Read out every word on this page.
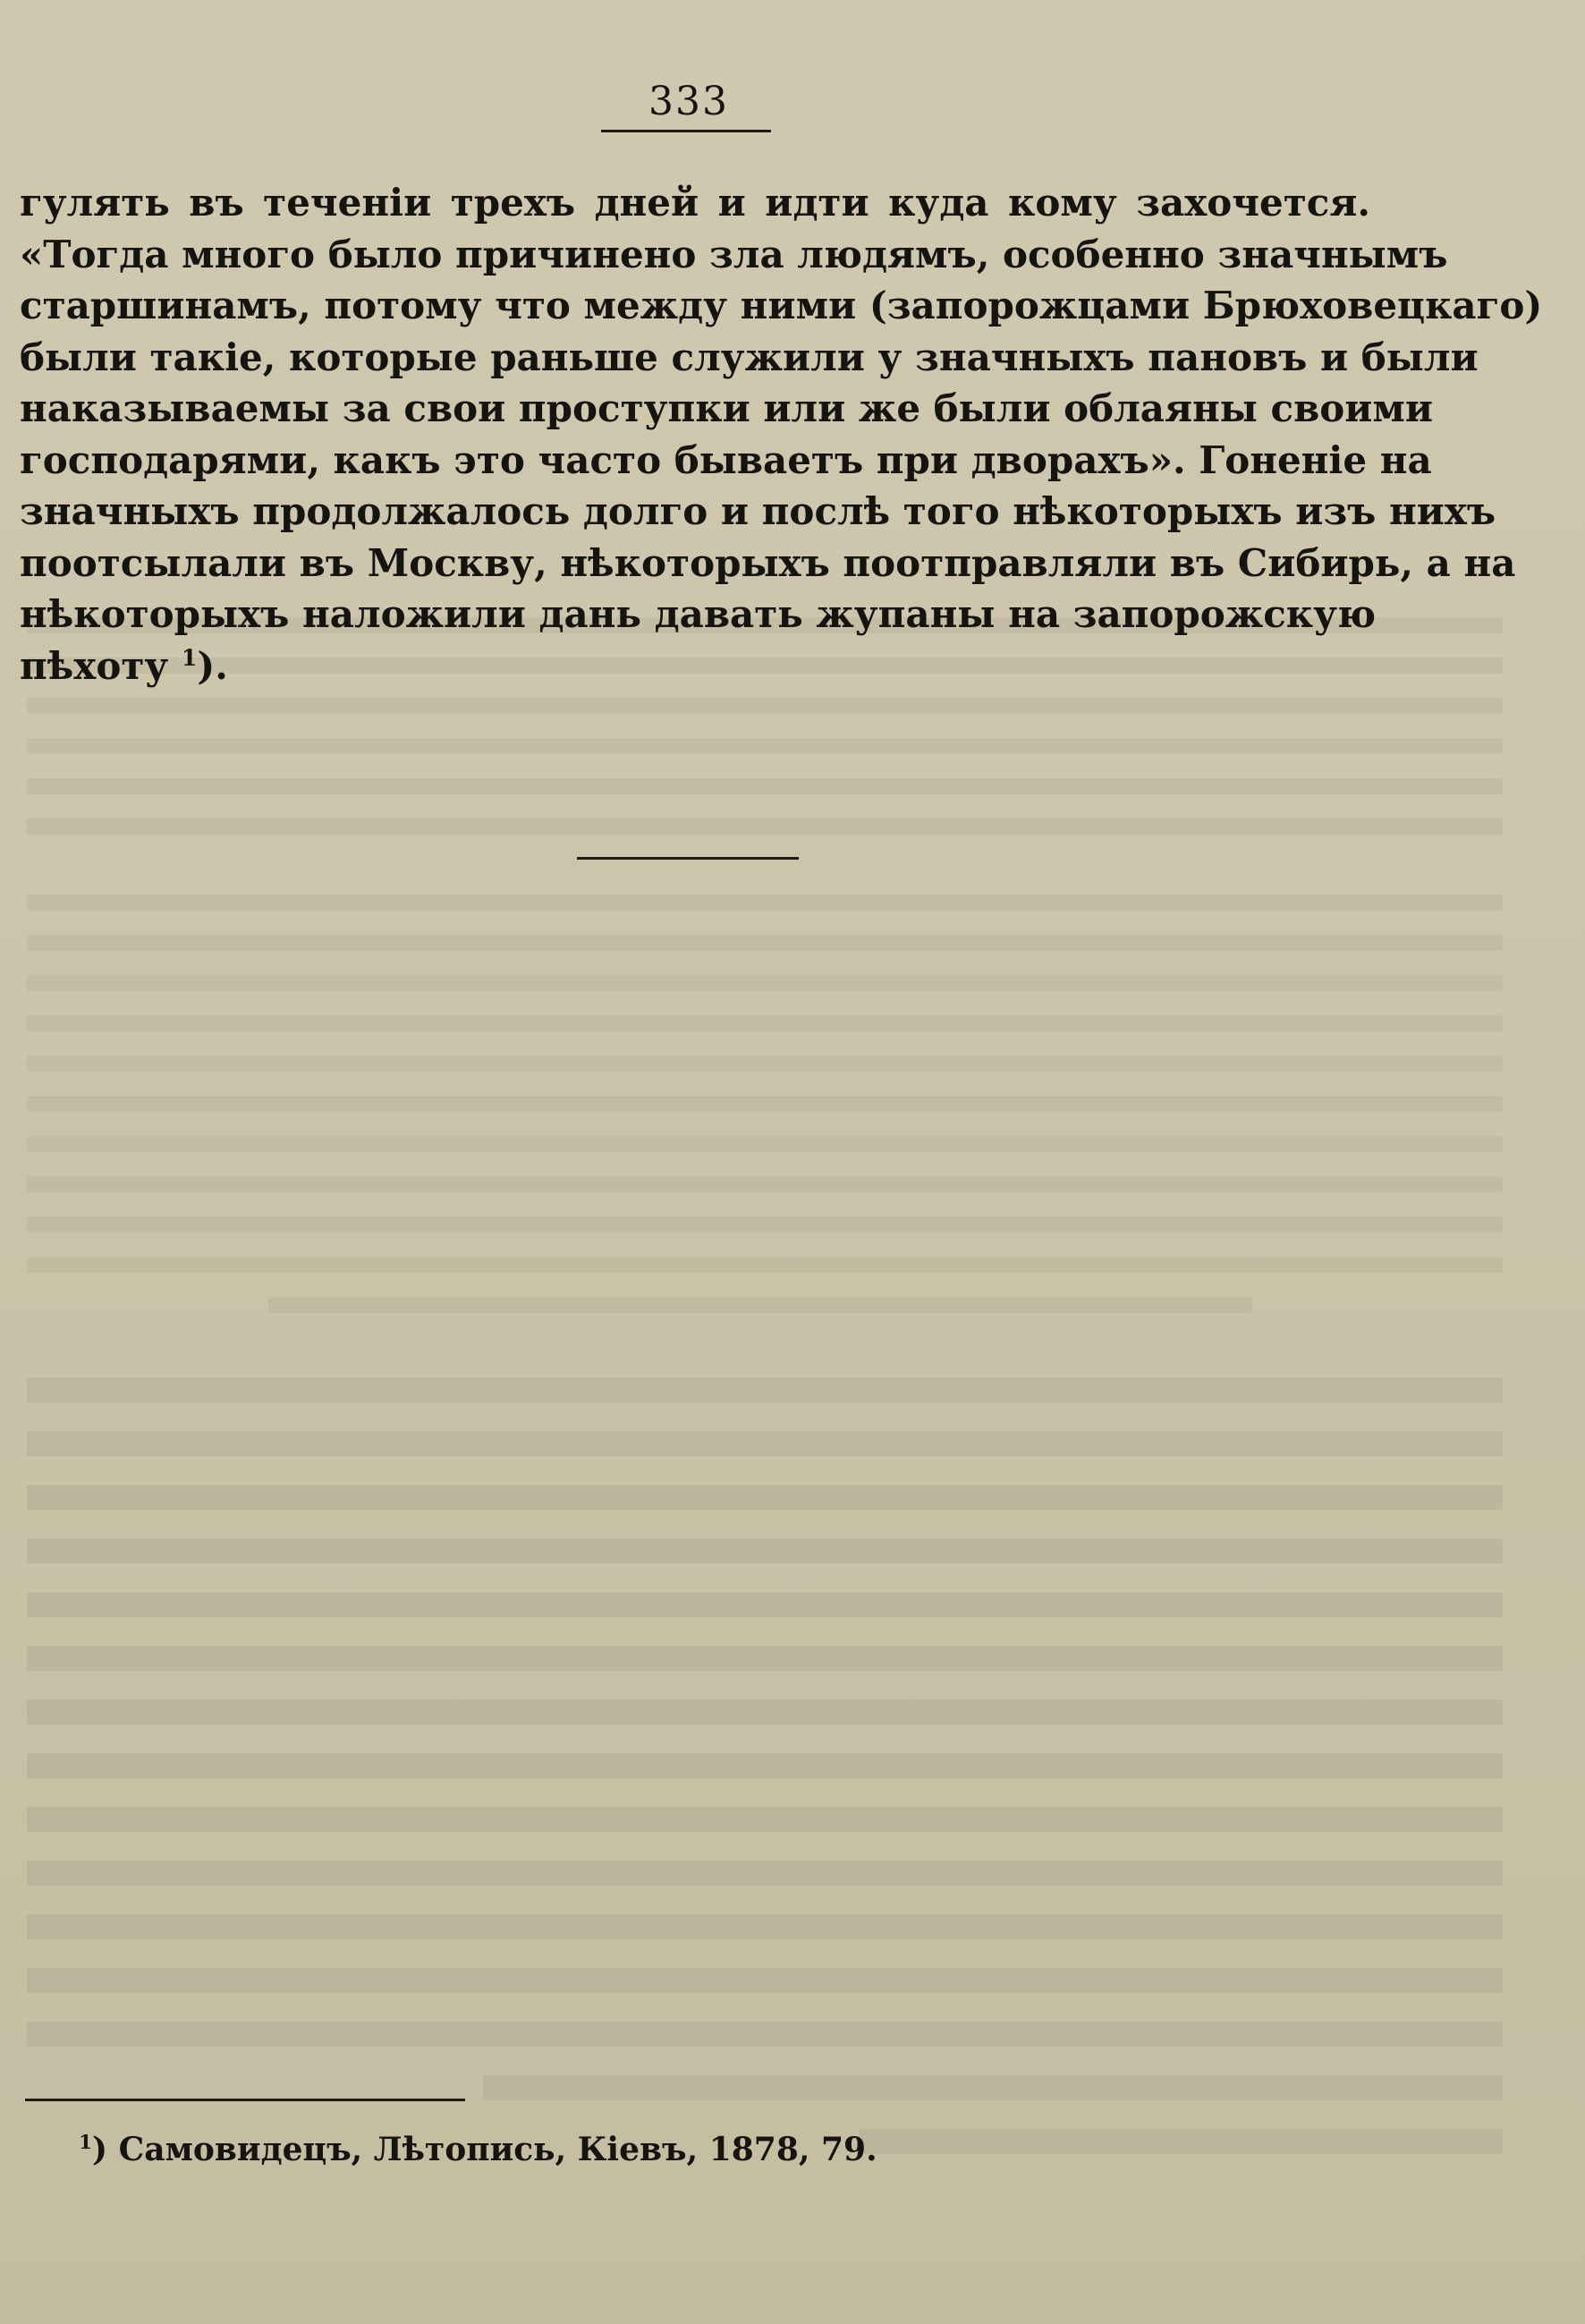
333
гулять въ теченіи трехъ дней и идти куда кому захочется.
«Тогда много было причинено зла людямъ, особенно значнымъ
старшинамъ, потому что между ними (запорожцами Брюховецкаго)
были такіе, которые раньше служили у значныхъ пановъ и были
наказываемы за свои проступки или же были облаяны своими
господарями, какъ это часто бываетъ при дворахъ». Гоненіе на
значныхъ продолжалось долго и послѣ того нѣкоторыхъ изъ нихъ
поотсылали въ Москву, нѣкоторыхъ поотправляли въ Сибирь, а на
нѣкоторыхъ наложили дань давать жупаны на запорожскую
пѣхоту $^1$).
$^1$) Самовидецъ, Лѣтопись, Кіевъ, 1878, 79.
